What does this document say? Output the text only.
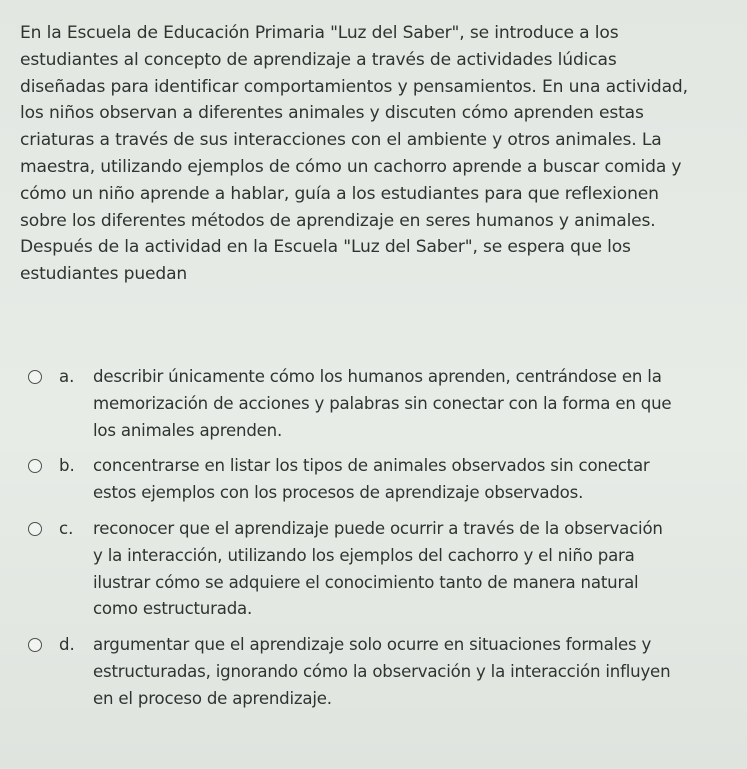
En la Escuela de Educación Primaria "Luz del Saber", se introduce a los
estudiantes al concepto de aprendizaje a través de actividades lúdicas
diseñadas para identificar comportamientos y pensamientos. En una actividad,
los niños observan a diferentes animales y discuten cómo aprenden estas
criaturas a través de sus interacciones con el ambiente y otros animales. La
maestra, utilizando ejemplos de cómo un cachorro aprende a buscar comida y
cómo un niño aprende a hablar, guía a los estudiantes para que reflexionen
sobre los diferentes métodos de aprendizaje en seres humanos y animales.
Después de la actividad en la Escuela "Luz del Saber", se espera que los
estudiantes puedan

a.	describir únicamente cómo los humanos aprenden, centrándose en la
memorización de acciones y palabras sin conectar con la forma en que
los animales aprenden.
b.	concentrarse en listar los tipos de animales observados sin conectar
estos ejemplos con los procesos de aprendizaje observados.
c.	reconocer que el aprendizaje puede ocurrir a través de la observación
y la interacción, utilizando los ejemplos del cachorro y el niño para
ilustrar cómo se adquiere el conocimiento tanto de manera natural
como estructurada.
d.	argumentar que el aprendizaje solo ocurre en situaciones formales y
estructuradas, ignorando cómo la observación y la interacción influyen
en el proceso de aprendizaje.
